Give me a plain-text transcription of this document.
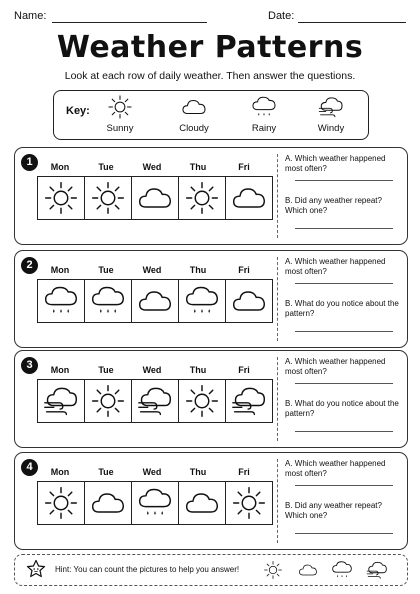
Name:	Date:
Weather Patterns
Look at each row of daily weather. Then answer the questions.
Key:
Sunny	Cloudy	Rainy	Windy
1	Mon	Tue	Wed	Thu	Fri
A. Which weather happened most often?
B. Did any weather repeat? Which one?
2	Mon	Tue	Wed	Thu	Fri
A. Which weather happened most often?
B. What do you notice about the pattern?
3	Mon	Tue	Wed	Thu	Fri
A. Which weather happened most often?
B. What do you notice about the pattern?
4	Mon	Tue	Wed	Thu	Fri
A. Which weather happened most often?
B. Did any weather repeat? Which one?
Hint: You can count the pictures to help you answer!
